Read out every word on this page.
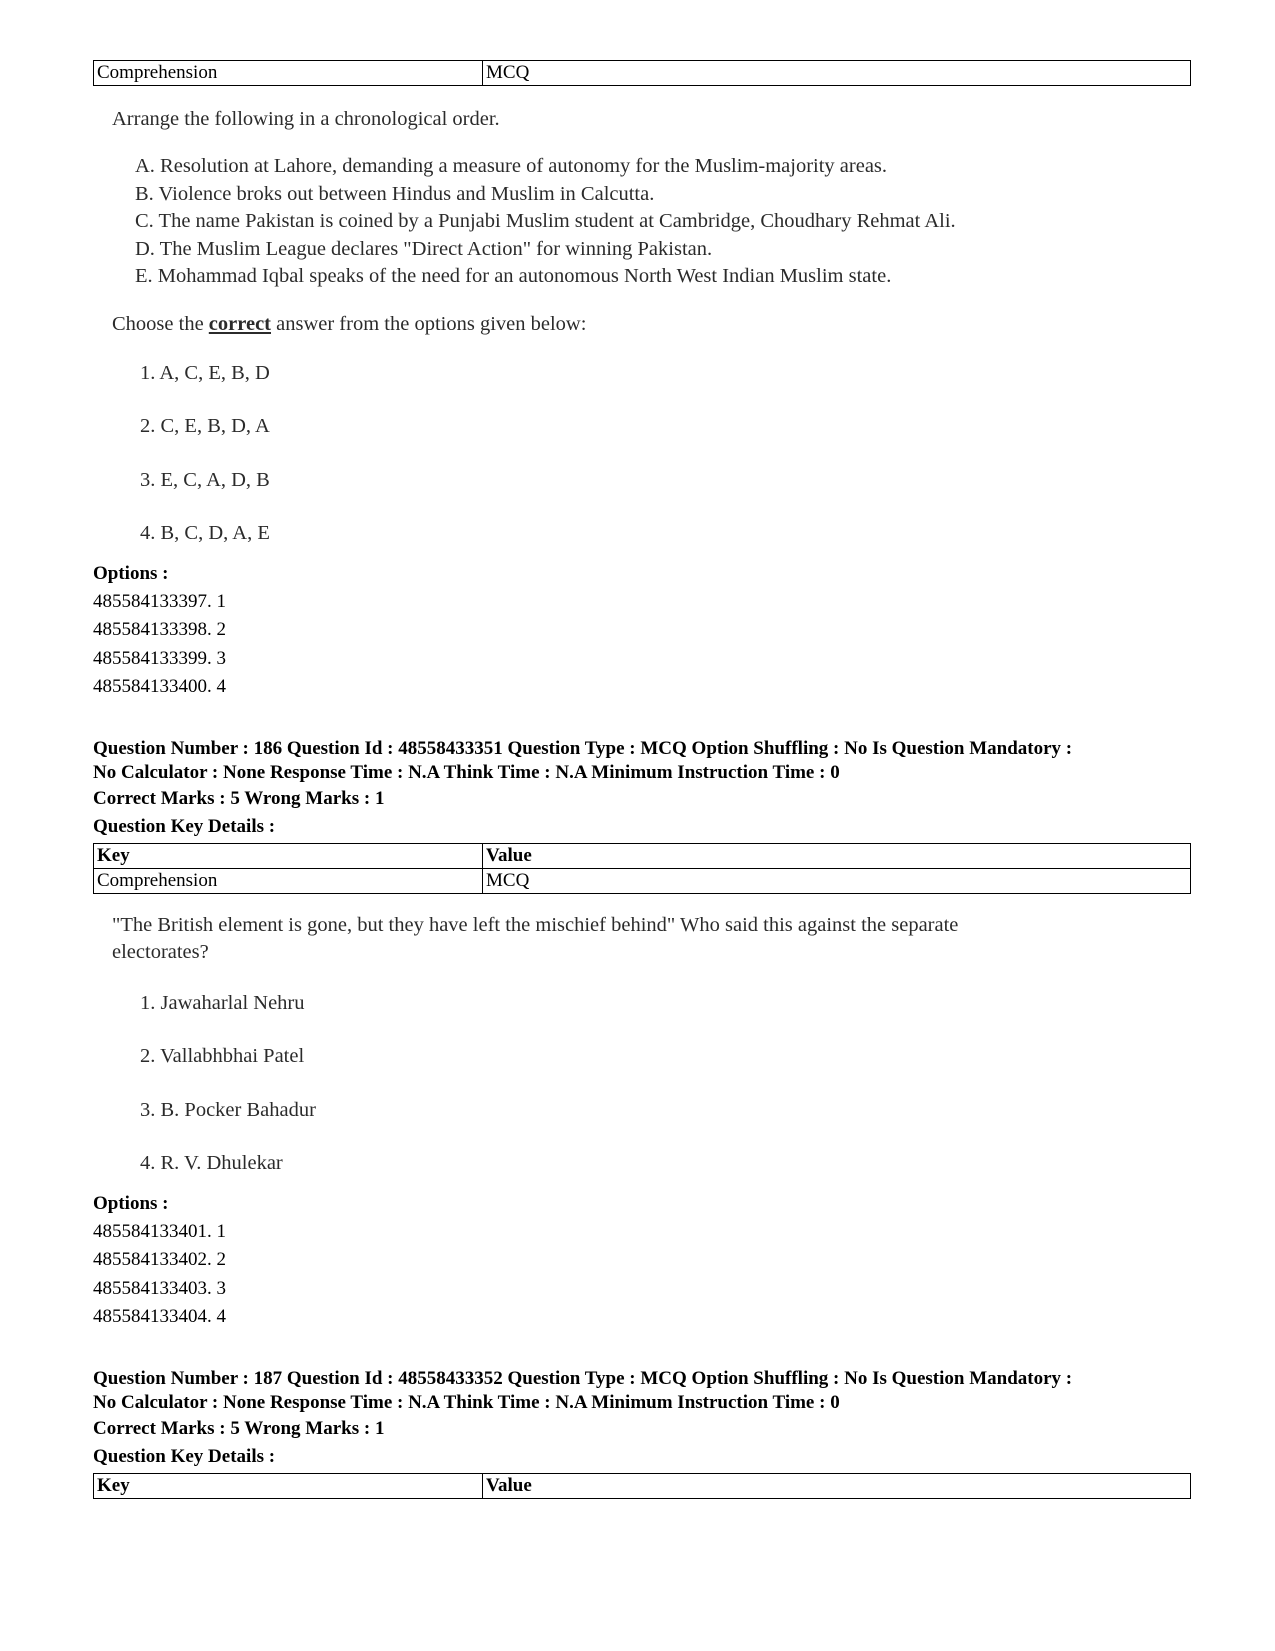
Comprehension	MCQ
Arrange the following in a chronological order.
A. Resolution at Lahore, demanding a measure of autonomy for the Muslim-majority areas.
B. Violence broks out between Hindus and Muslim in Calcutta.
C. The name Pakistan is coined by a Punjabi Muslim student at Cambridge, Choudhary Rehmat Ali.
D. The Muslim League declares "Direct Action" for winning Pakistan.
E. Mohammad Iqbal speaks of the need for an autonomous North West Indian Muslim state.
Choose the correct answer from the options given below:
1. A, C, E, B, D
2. C, E, B, D, A
3. E, C, A, D, B
4. B, C, D, A, E
Options :
485584133397. 1
485584133398. 2
485584133399. 3
485584133400. 4
Question Number : 186 Question Id : 48558433351 Question Type : MCQ Option Shuffling : No Is Question Mandatory :
No Calculator : None Response Time : N.A Think Time : N.A Minimum Instruction Time : 0
Correct Marks : 5 Wrong Marks : 1
Question Key Details :
Key	Value
Comprehension	MCQ
"The British element is gone, but they have left the mischief behind" Who said this against the separate
electorates?
1. Jawaharlal Nehru
2. Vallabhbhai Patel
3. B. Pocker Bahadur
4. R. V. Dhulekar
Options :
485584133401. 1
485584133402. 2
485584133403. 3
485584133404. 4
Question Number : 187 Question Id : 48558433352 Question Type : MCQ Option Shuffling : No Is Question Mandatory :
No Calculator : None Response Time : N.A Think Time : N.A Minimum Instruction Time : 0
Correct Marks : 5 Wrong Marks : 1
Question Key Details :
Key	Value
